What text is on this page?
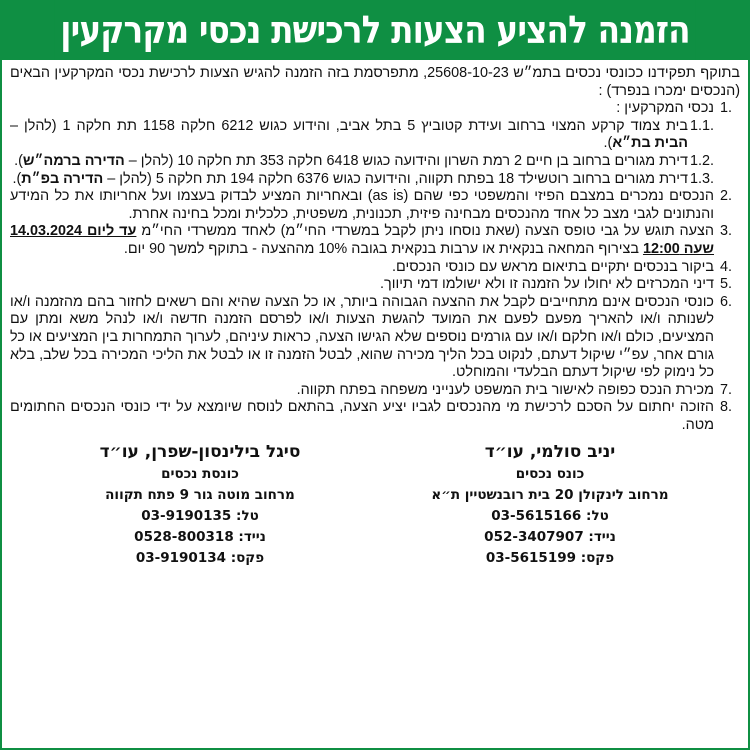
הזמנה להציע הצעות לרכישת נכסי מקרקעין
בתוקף תפקידנו ככונסי נכסים בתמ״ש 25608-10-23, מתפרסמת בזה הזמנה להגיש הצעות לרכישת נכסי המקרקעין הבאים (הנכסים ימכרו בנפרד) :
1.
נכסי המקרקעין :
1.1.
בית צמוד קרקע המצוי ברחוב ועידת קטוביץ 5 בתל אביב, והידוע כגוש 6212 חלקה 1158 תת חלקה 1 (להלן – הבית בת״א).
1.2.
דירת מגורים ברחוב בן חיים 2 רמת השרון והידועה כגוש 6418 חלקה 353 תת חלקה 10 (להלן – הדירה ברמה״ש).
1.3.
דירת מגורים ברחוב רוטשילד 18 בפתח תקווה, והידועה כגוש 6376 חלקה 194 תת חלקה 5 (להלן – הדירה בפ״ת).
2.
הנכסים נמכרים במצבם הפיזי והמשפטי כפי שהם (as is) ובאחריות המציע לבדוק בעצמו ועל אחריותו את כל המידע והנתונים לגבי מצב כל אחד מהנכסים מבחינה פיזית, תכנונית, משפטית, כלכלית ומכל בחינה אחרת.
3.
הצעה תוגש על גבי טופס הצעה (שאת נוסחו ניתן לקבל במשרדי החי״מ) לאחד ממשרדי החי״מ עד ליום 14.03.2024 שעה 12:00 בצירוף המחאה בנקאית או ערבות בנקאית בגובה 10% מההצעה - בתוקף למשך 90 יום.
4.
ביקור בנכסים יתקיים בתיאום מראש עם כונסי הנכסים.
5.
דיני המכרזים לא יחולו על הזמנה זו ולא ישולמו דמי תיווך.
6.
כונסי הנכסים אינם מתחייבים לקבל את ההצעה הגבוהה ביותר, או כל הצעה שהיא והם רשאים לחזור בהם מהזמנה ו/או לשנותה ו/או להאריך מפעם לפעם את המועד להגשת הצעות ו/או לפרסם הזמנה חדשה ו/או לנהל משא ומתן עם המציעים, כולם ו/או חלקם ו/או עם גורמים נוספים שלא הגישו הצעה, כראות עיניהם, לערוך התמחרות בין המציעים או כל גורם אחר, עפ״י שיקול דעתם, לנקוט בכל הליך מכירה שהוא, לבטל הזמנה זו או לבטל את הליכי המכירה בכל שלב, בלא כל נימוק לפי שיקול דעתם הבלעדי והמוחלט.
7.
מכירת הנכס כפופה לאישור בית המשפט לענייני משפחה בפתח תקווה.
8.
הזוכה יחתום על הסכם לרכישת מי מהנכסים לגביו יציע הצעה, בהתאם לנוסח שיומצא על ידי כונסי הנכסים החתומים מטה.
יניב סולמי, עו״ד
כונס נכסים
מרחוב לינקולן 20 בית רובנשטיין ת״א
טל: 03-5615166
נייד: 052-3407907
פקס: 03-5615199
סיגל בילינסון-שפרן, עו״ד
כונסת נכסים
מרחוב מוטה גור 9 פתח תקווה
טל: 03-9190135
נייד: 0528-800318
פקס: 03-9190134
